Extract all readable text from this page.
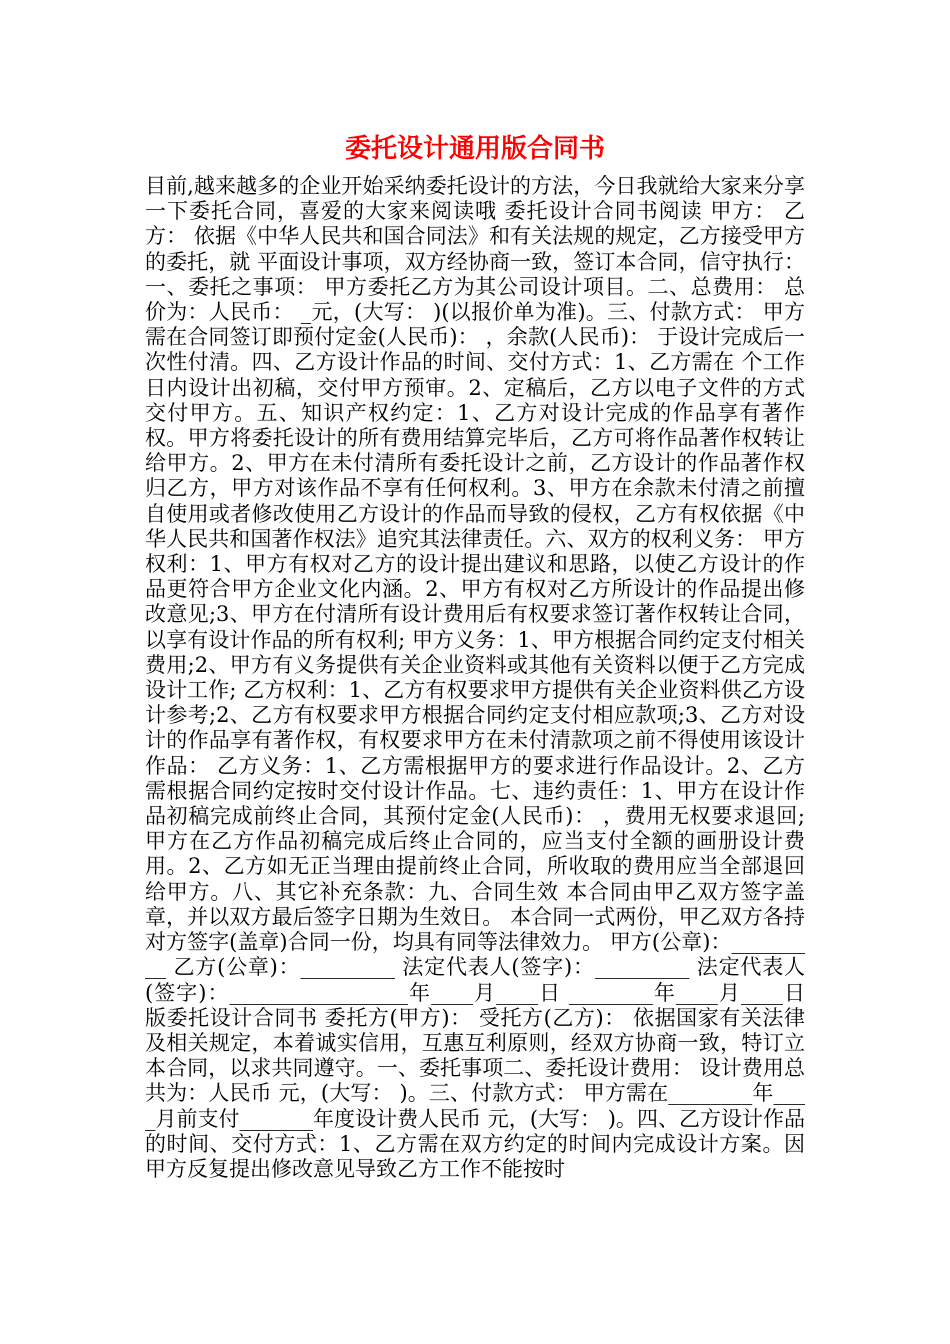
委托设计通用版合同书

目前,越来越多的企业开始采纳委托设计的方法，今日我就给大家来分享一下委托合同，喜爱的大家来阅读哦 委托设计合同书阅读 甲方： 乙方： 依据《中华人民共和国合同法》和有关法规的规定，乙方接受甲方的委托，就 平面设计事项，双方经协商一致，签订本合同，信守执行：一、委托之事项： 甲方委托乙方为其公司设计项目。二、总费用： 总价为：人民币： _元，(大写： )(以报价单为准)。三、付款方式： 甲方需在合同签订即预付定金(人民币)： ，余款(人民币)： 于设计完成后一次性付清。四、乙方设计作品的时间、交付方式：1、乙方需在 个工作日内设计出初稿，交付甲方预审。2、定稿后，乙方以电子文件的方式交付甲方。五、知识产权约定：1、乙方对设计完成的作品享有著作权。甲方将委托设计的所有费用结算完毕后，乙方可将作品著作权转让给甲方。2、甲方在未付清所有委托设计之前，乙方设计的作品著作权归乙方，甲方对该作品不享有任何权利。3、甲方在余款未付清之前擅自使用或者修改使用乙方设计的作品而导致的侵权，乙方有权依据《中华人民共和国著作权法》追究其法律责任。六、双方的权利义务： 甲方权利：1、甲方有权对乙方的设计提出建议和思路，以使乙方设计的作品更符合甲方企业文化内涵。2、甲方有权对乙方所设计的作品提出修改意见;3、甲方在付清所有设计费用后有权要求签订著作权转让合同，以享有设计作品的所有权利; 甲方义务：1、甲方根据合同约定支付相关费用;2、甲方有义务提供有关企业资料或其他有关资料以便于乙方完成设计工作; 乙方权利：1、乙方有权要求甲方提供有关企业资料供乙方设计参考;2、乙方有权要求甲方根据合同约定支付相应款项;3、乙方对设计的作品享有著作权，有权要求甲方在未付清款项之前不得使用该设计作品： 乙方义务：1、乙方需根据甲方的要求进行作品设计。2、乙方需根据合同约定按时交付设计作品。七、违约责任：1、甲方在设计作品初稿完成前终止合同，其预付定金(人民币)： ，费用无权要求退回;甲方在乙方作品初稿完成后终止合同的，应当支付全额的画册设计费用。2、乙方如无正当理由提前终止合同，所收取的费用应当全部退回给甲方。八、其它补充条款：九、合同生效 本合同由甲乙双方签字盖章，并以双方最后签字日期为生效日。 本合同一式两份，甲乙双方各持对方签字(盖章)合同一份，均具有同等法律效力。 甲方(公章)：_________ 乙方(公章)：_________ 法定代表人(签字)：_________ 法定代表人(签字)：_________________年____月____日 ________年____月____日 版委托设计合同书 委托方(甲方)： 受托方(乙方)： 依据国家有关法律及相关规定，本着诚实信用，互惠互利原则，经双方协商一致，特订立本合同，以求共同遵守。一、委托事项二、委托设计费用： 设计费用总共为：人民币 元，(大写： )。三、付款方式： 甲方需在________年____月前支付_______年度设计费人民币 元，(大写： )。四、乙方设计作品的时间、交付方式：1、乙方需在双方约定的时间内完成设计方案。因甲方反复提出修改意见导致乙方工作不能按时
